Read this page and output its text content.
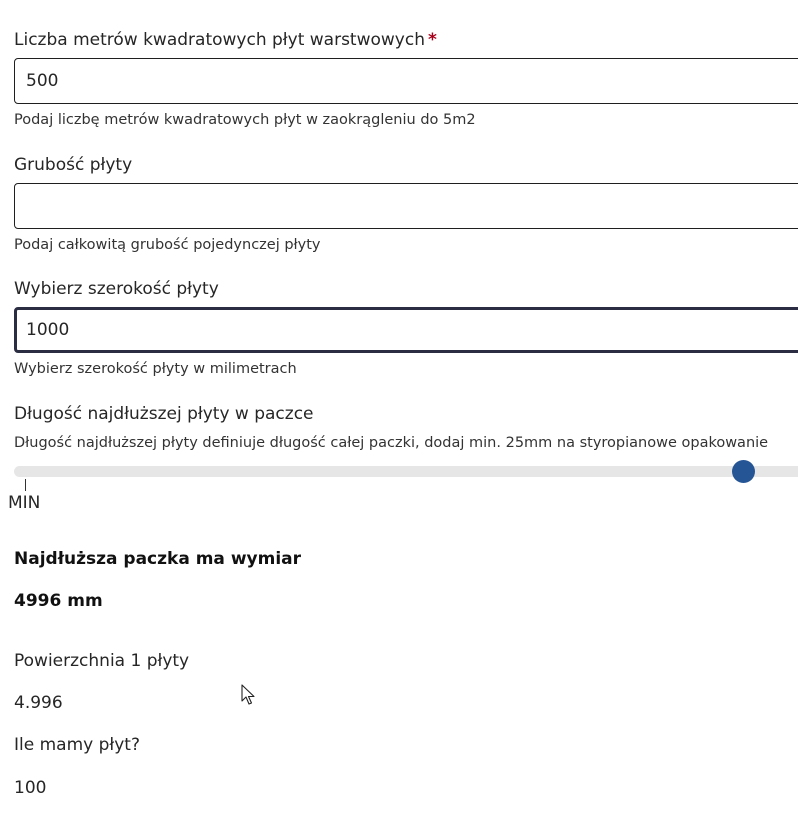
Liczba metrów kwadratowych płyt warstwowych *
500
Podaj liczbę metrów kwadratowych płyt w zaokrągleniu do 5m2
Grubość płyty
Podaj całkowitą grubość pojedynczej płyty
Wybierz szerokość płyty
1000
Wybierz szerokość płyty w milimetrach
Długość najdłuższej płyty w paczce
Długość najdłuższej płyty definiuje długość całej paczki, dodaj min. 25mm na styropianowe opakowanie
MIN
Najdłuższa paczka ma wymiar
4996 mm
Powierzchnia 1 płyty
4.996
Ile mamy płyt?
100
